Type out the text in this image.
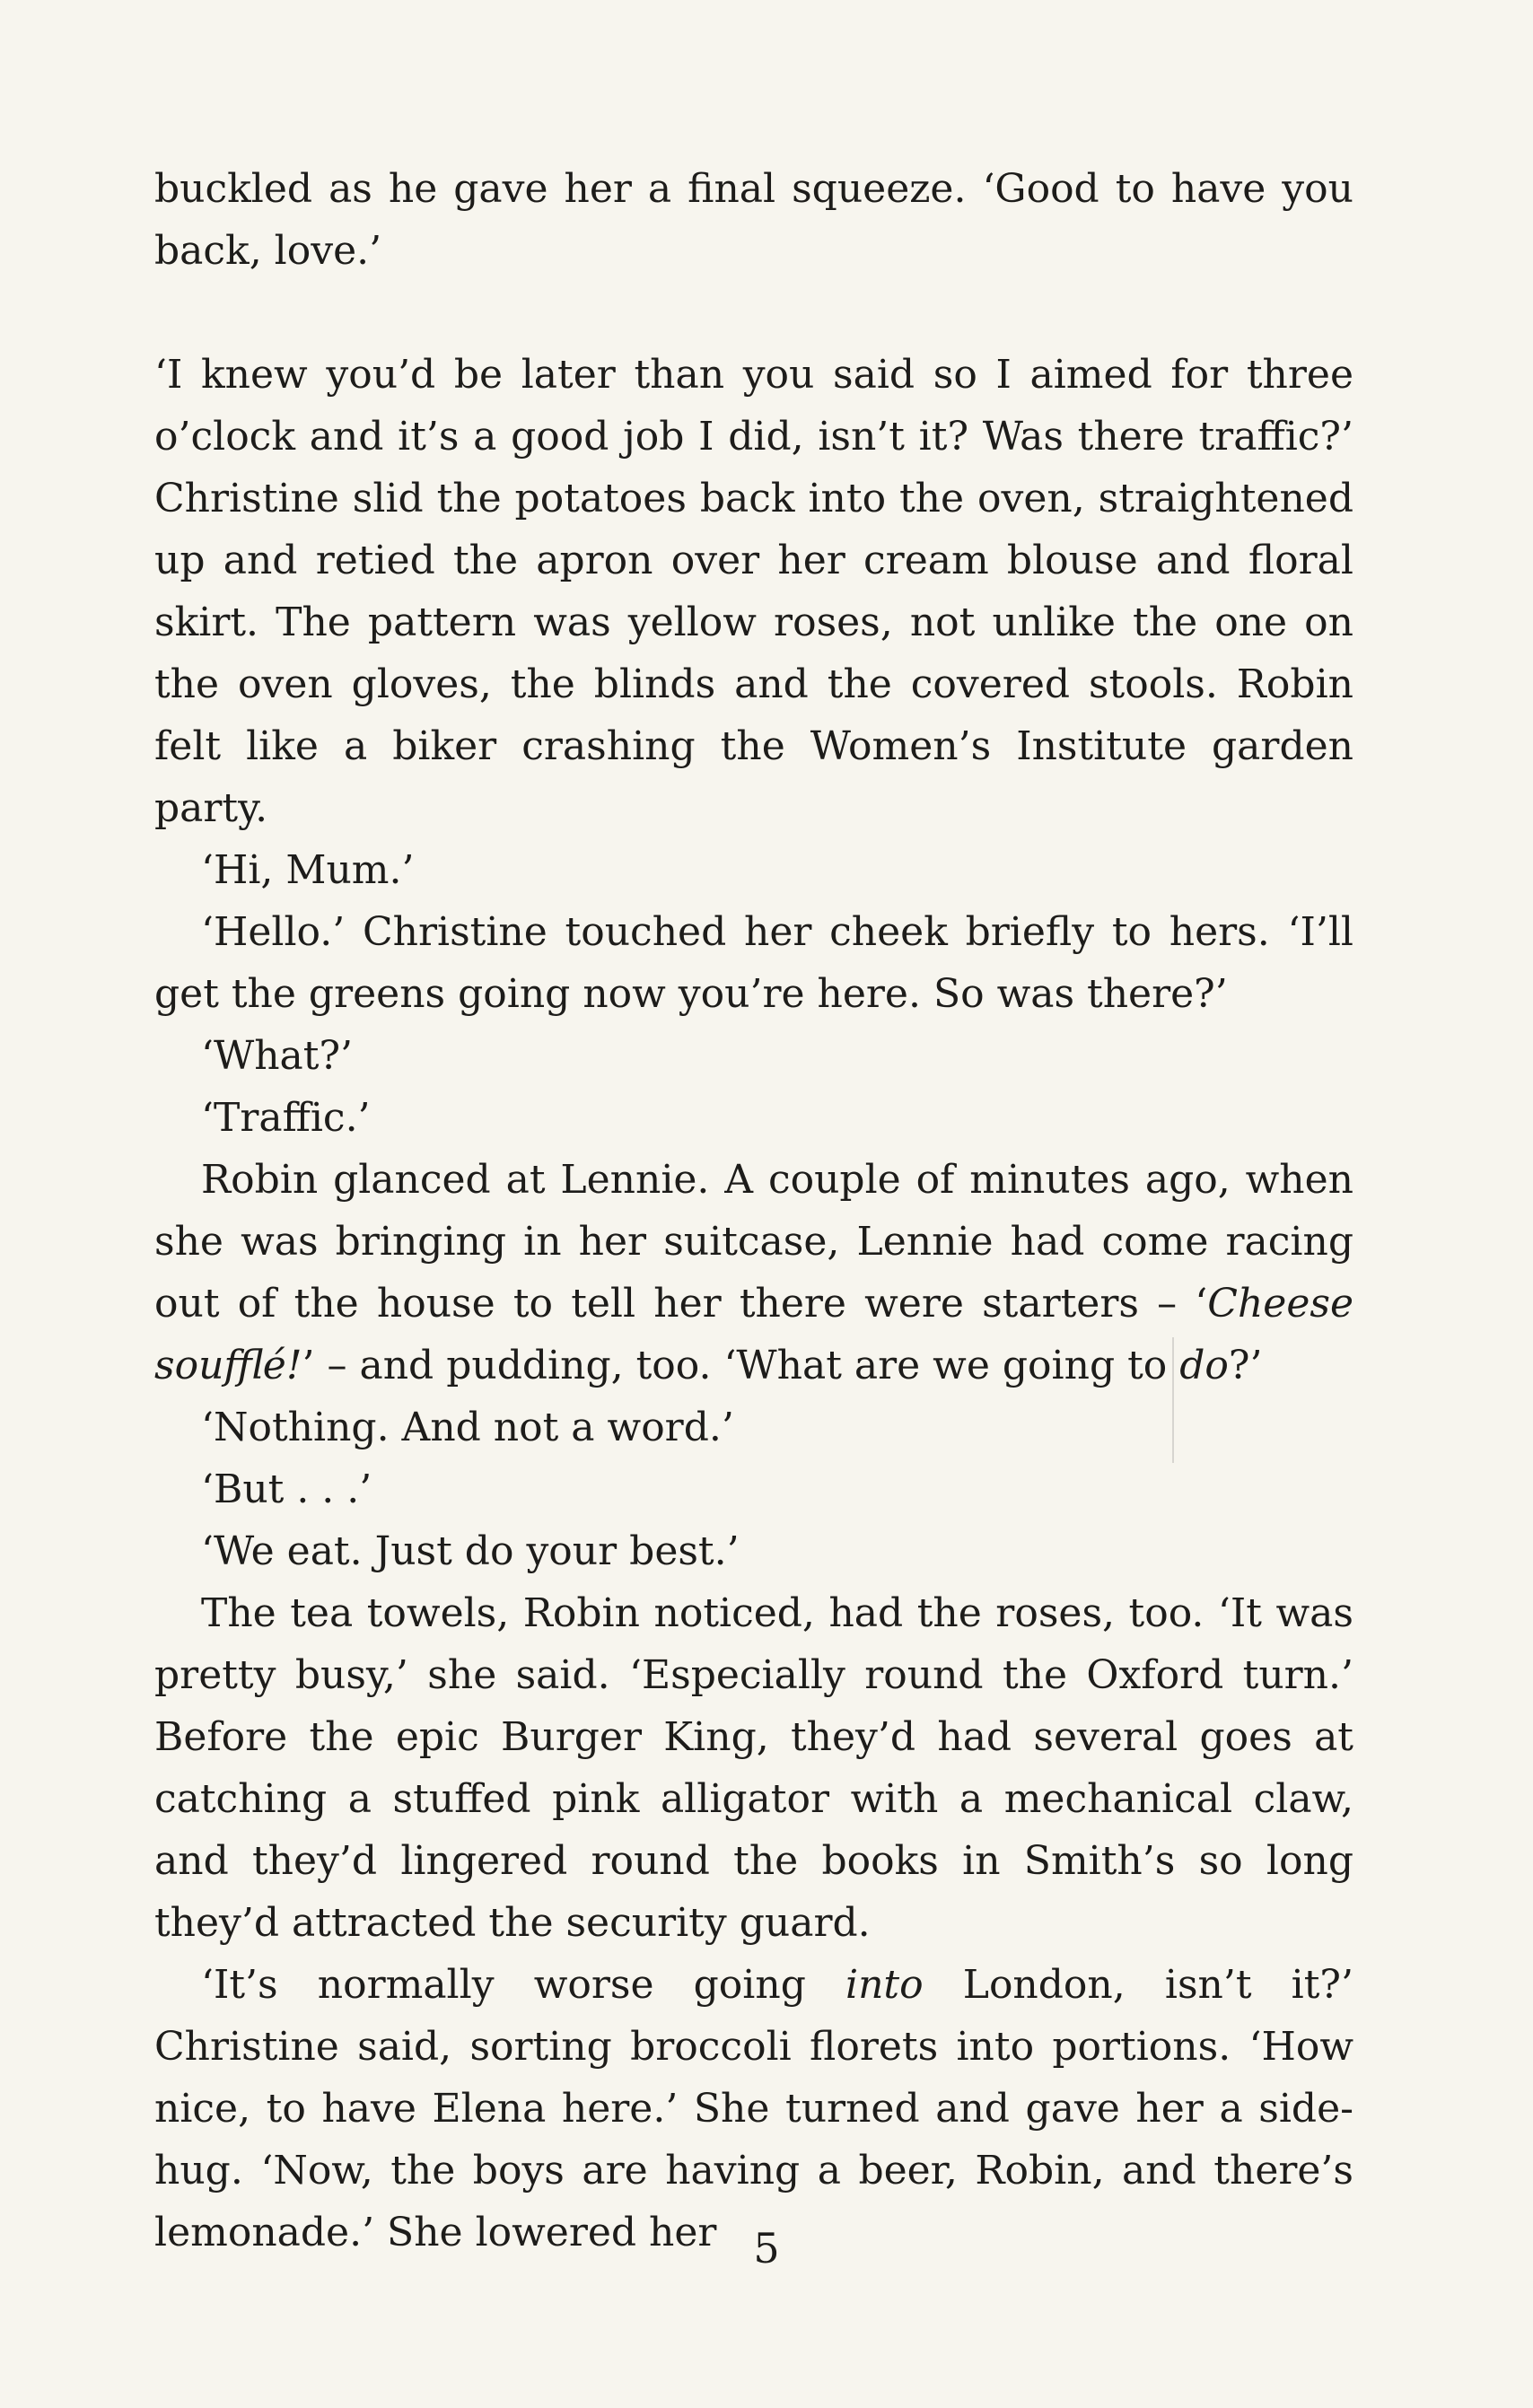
buckled as he gave her a final squeeze. ‘Good to have you back, love.’

‘I knew you’d be later than you said so I aimed for three o’clock and it’s a good job I did, isn’t it? Was there traffic?’ Christine slid the potatoes back into the oven, straightened up and retied the apron over her cream blouse and floral skirt. The pattern was yellow roses, not unlike the one on the oven gloves, the blinds and the covered stools. Robin felt like a biker crashing the Women’s Institute garden party.

‘Hi, Mum.’

‘Hello.’ Christine touched her cheek briefly to hers. ‘I’ll get the greens going now you’re here. So was there?’

‘What?’

‘Traffic.’

Robin glanced at Lennie. A couple of minutes ago, when she was bringing in her suitcase, Lennie had come racing out of the house to tell her there were starters – ‘Cheese soufflé!’ – and pudding, too. ‘What are we going to do?’

‘Nothing. And not a word.’

‘But . . .’

‘We eat. Just do your best.’

The tea towels, Robin noticed, had the roses, too. ‘It was pretty busy,’ she said. ‘Especially round the Oxford turn.’ Before the epic Burger King, they’d had several goes at catching a stuffed pink alligator with a mechanical claw, and they’d lingered round the books in Smith’s so long they’d attracted the security guard.

‘It’s normally worse going into London, isn’t it?’ Christine said, sorting broccoli florets into portions. ‘How nice, to have Elena here.’ She turned and gave her a side-hug. ‘Now, the boys are having a beer, Robin, and there’s lemonade.’ She lowered her 5
